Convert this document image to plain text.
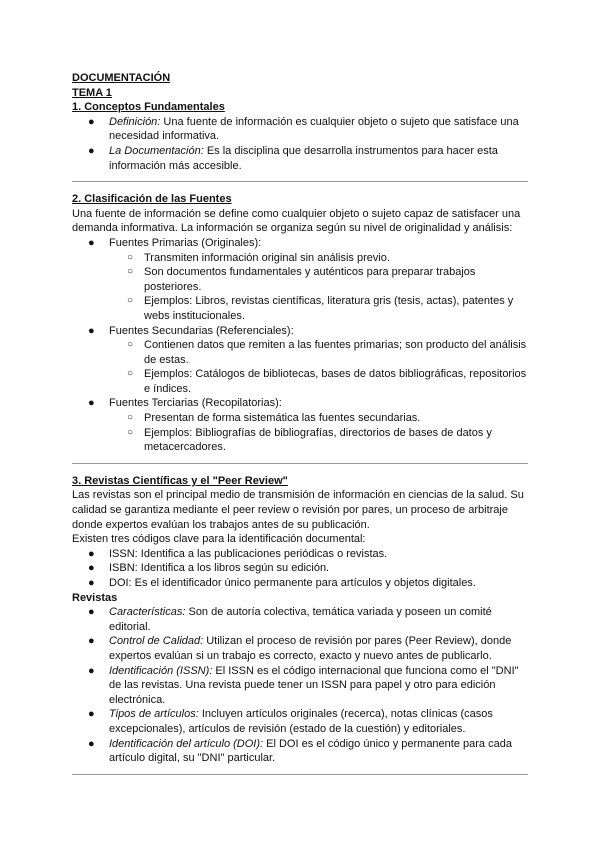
DOCUMENTACIÓN
TEMA 1
1. Conceptos Fundamentales
● Definición: Una fuente de información es cualquier objeto o sujeto que satisface una necesidad informativa.
● La Documentación: Es la disciplina que desarrolla instrumentos para hacer esta información más accesible.
2. Clasificación de las Fuentes

Una fuente de información se define como cualquier objeto o sujeto capaz de satisfacer una demanda informativa. La información se organiza según su nivel de originalidad y análisis:

● Fuentes Primarias (Originales):
○ Transmiten información original sin análisis previo.
○ Son documentos fundamentales y auténticos para preparar trabajos posteriores.
○ Ejemplos: Libros, revistas científicas, literatura gris (tesis, actas), patentes y webs institucionales.
● Fuentes Secundarias (Referenciales):
○ Contienen datos que remiten a las fuentes primarias; son producto del análisis de estas.
○ Ejemplos: Catálogos de bibliotecas, bases de datos bibliográficas, repositorios e índices.
● Fuentes Terciarias (Recopilatorias):
○ Presentan de forma sistemática las fuentes secundarias.
○ Ejemplos: Bibliografías de bibliografías, directorios de bases de datos y metacercadores.
3. Revistas Científicas y el "Peer Review"

Las revistas son el principal medio de transmisión de información en ciencias de la salud. Su calidad se garantiza mediante el peer review o revisión por pares, un proceso de arbitraje donde expertos evalúan los trabajos antes de su publicación.

Existen tres códigos clave para la identificación documental:

● ISSN: Identifica a las publicaciones periódicas o revistas.
● ISBN: Identifica a los libros según su edición.
● DOI: Es el identificador único permanente para artículos y objetos digitales.
Revistas
● Características: Son de autoría colectiva, temática variada y poseen un comité editorial.
● Control de Calidad: Utilizan el proceso de revisión por pares (Peer Review), donde expertos evalúan si un trabajo es correcto, exacto y nuevo antes de publicarlo.
● Identificación (ISSN): El ISSN es el código internacional que funciona como el "DNI" de las revistas. Una revista puede tener un ISSN para papel y otro para edición electrónica.
● Tipos de artículos: Incluyen artículos originales (recerca), notas clínicas (casos excepcionales), artículos de revisión (estado de la cuestión) y editoriales.
● Identificación del artículo (DOI): El DOI es el código único y permanente para cada artículo digital, su "DNI" particular.
